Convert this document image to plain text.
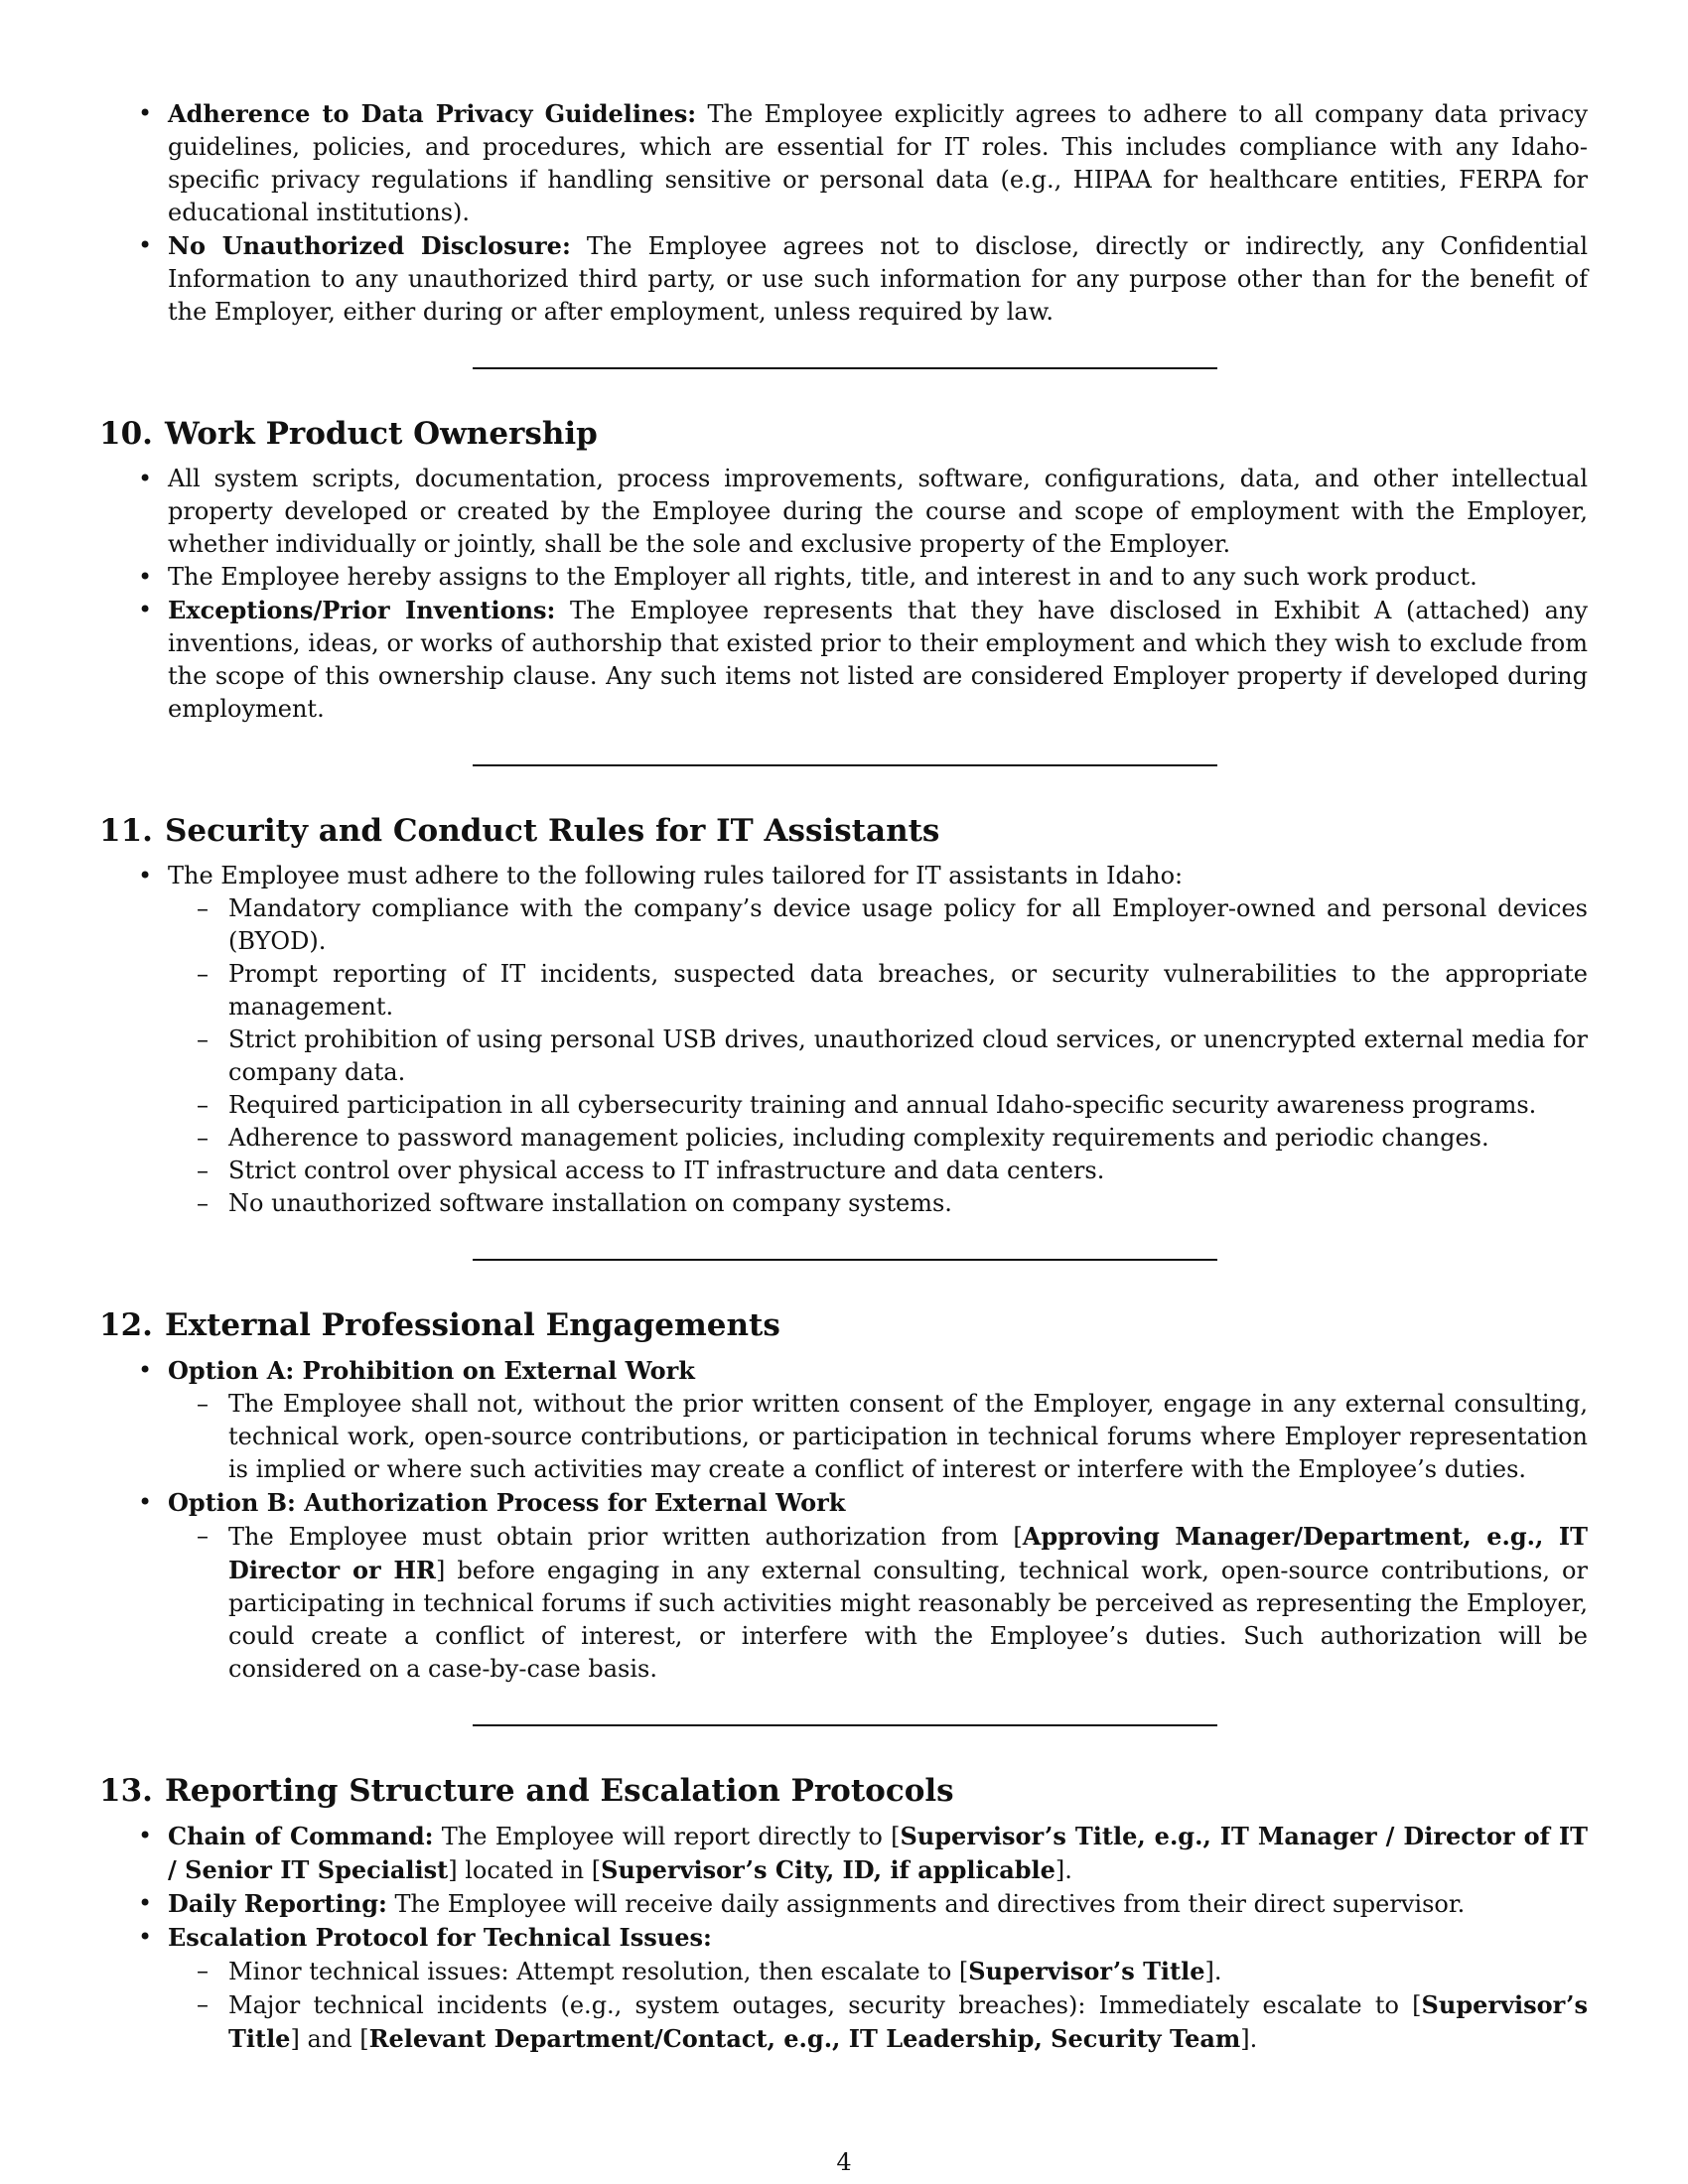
• Adherence to Data Privacy Guidelines: The Employee explicitly agrees to adhere to all company data privacy guidelines, policies, and procedures, which are essential for IT roles. This includes compliance with any Idaho-specific privacy regulations if handling sensitive or personal data (e.g., HIPAA for healthcare entities, FERPA for educational institutions).

• No Unauthorized Disclosure: The Employee agrees not to disclose, directly or indirectly, any Confidential Information to any unauthorized third party, or use such information for any purpose other than for the benefit of the Employer, either during or after employment, unless required by law.

10. Work Product Ownership

• All system scripts, documentation, process improvements, software, configurations, data, and other intellectual property developed or created by the Employee during the course and scope of employment with the Employer, whether individually or jointly, shall be the sole and exclusive property of the Employer.

• The Employee hereby assigns to the Employer all rights, title, and interest in and to any such work product.

• Exceptions/Prior Inventions: The Employee represents that they have disclosed in Exhibit A (attached) any inventions, ideas, or works of authorship that existed prior to their employment and which they wish to exclude from the scope of this ownership clause. Any such items not listed are considered Employer property if developed during employment.

11. Security and Conduct Rules for IT Assistants

• The Employee must adhere to the following rules tailored for IT assistants in Idaho:

– Mandatory compliance with the company’s device usage policy for all Employer-owned and personal devices (BYOD).

– Prompt reporting of IT incidents, suspected data breaches, or security vulnerabilities to the appropriate management.

– Strict prohibition of using personal USB drives, unauthorized cloud services, or unencrypted external media for company data.

– Required participation in all cybersecurity training and annual Idaho-specific security awareness programs.

– Adherence to password management policies, including complexity requirements and periodic changes.

– Strict control over physical access to IT infrastructure and data centers.

– No unauthorized software installation on company systems.

12. External Professional Engagements

• Option A: Prohibition on External Work

– The Employee shall not, without the prior written consent of the Employer, engage in any external consulting, technical work, open-source contributions, or participation in technical forums where Employer representation is implied or where such activities may create a conflict of interest or interfere with the Employee’s duties.

• Option B: Authorization Process for External Work

– The Employee must obtain prior written authorization from [Approving Manager/Department, e.g., IT Director or HR] before engaging in any external consulting, technical work, open-source contributions, or participating in technical forums if such activities might reasonably be perceived as representing the Employer, could create a conflict of interest, or interfere with the Employee’s duties. Such authorization will be considered on a case-by-case basis.

13. Reporting Structure and Escalation Protocols

• Chain of Command: The Employee will report directly to [Supervisor’s Title, e.g., IT Manager / Director of IT / Senior IT Specialist] located in [Supervisor’s City, ID, if applicable].

• Daily Reporting: The Employee will receive daily assignments and directives from their direct supervisor.

• Escalation Protocol for Technical Issues:

– Minor technical issues: Attempt resolution, then escalate to [Supervisor’s Title].

– Major technical incidents (e.g., system outages, security breaches): Immediately escalate to [Supervisor’s Title] and [Relevant Department/Contact, e.g., IT Leadership, Security Team].

4
